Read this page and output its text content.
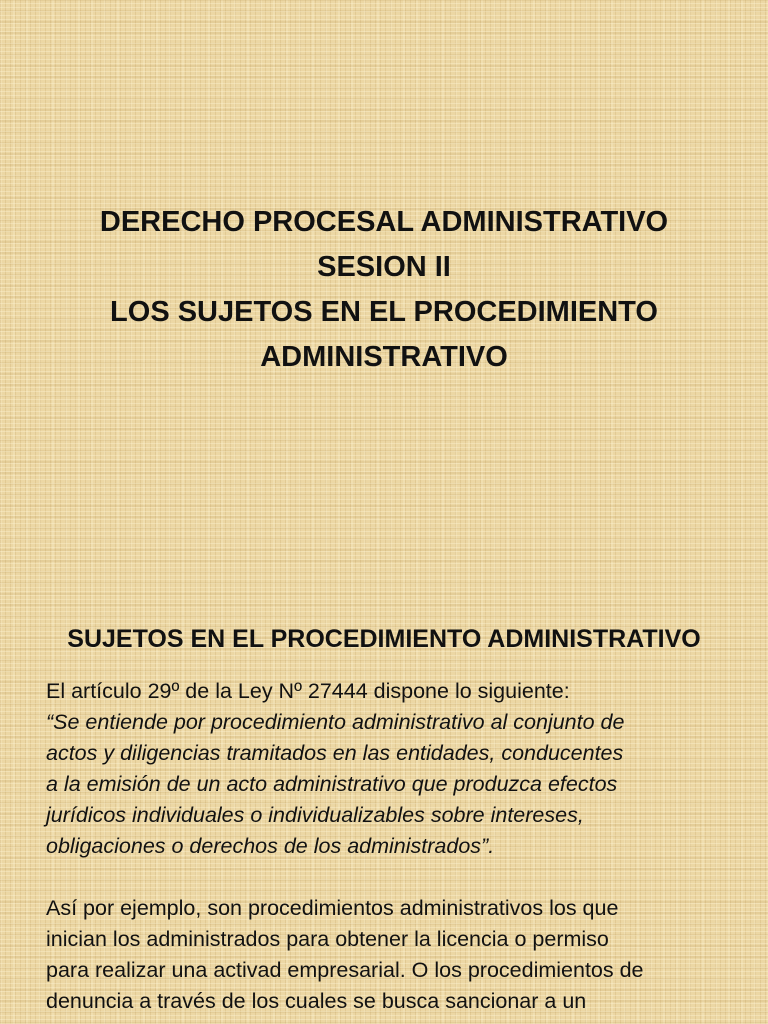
DERECHO PROCESAL ADMINISTRATIVO
SESION II
LOS SUJETOS EN EL PROCEDIMIENTO
ADMINISTRATIVO
SUJETOS EN EL PROCEDIMIENTO ADMINISTRATIVO
El artículo 29º de la Ley Nº 27444 dispone lo siguiente:
“Se entiende por procedimiento administrativo al conjunto de
actos y diligencias tramitados en las entidades, conducentes
a la emisión de un acto administrativo que produzca efectos
jurídicos individuales o individualizables sobre intereses,
obligaciones o derechos de los administrados”.
Así por ejemplo, son procedimientos administrativos los que
inician los administrados para obtener la licencia o permiso
para realizar una activad empresarial. O los procedimientos de
denuncia a través de los cuales se busca sancionar a un
